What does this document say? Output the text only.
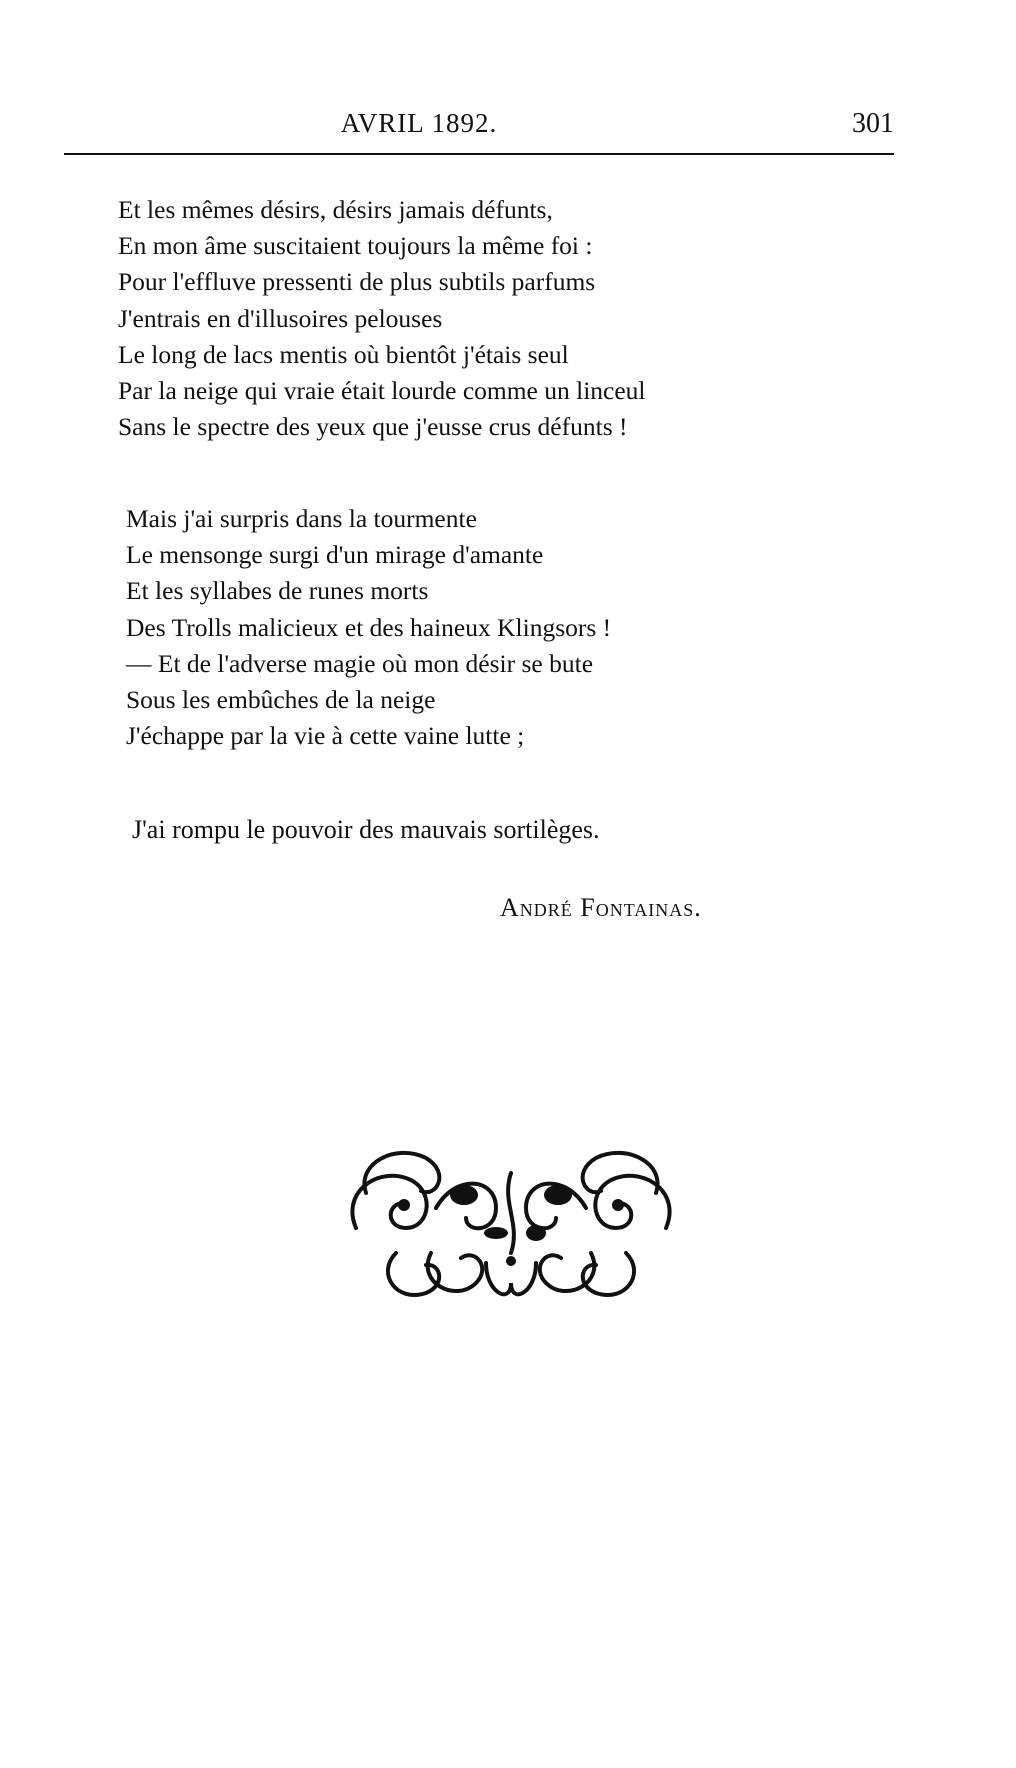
AVRIL 1892.	301
Et les mêmes désirs, désirs jamais défunts,
En mon âme suscitaient toujours la même foi :
Pour l'effluve pressenti de plus subtils parfums
J'entrais en d'illusoires pelouses
Le long de lacs mentis où bientôt j'étais seul
Par la neige qui vraie était lourde comme un linceul
Sans le spectre des yeux que j'eusse crus défunts !
Mais j'ai surpris dans la tourmente
Le mensonge surgi d'un mirage d'amante
Et les syllabes de runes morts
Des Trolls malicieux et des haineux Klingsors !
— Et de l'adverse magie où mon désir se bute
Sous les embûches de la neige
J'échappe par la vie à cette vaine lutte ;
J'ai rompu le pouvoir des mauvais sortilèges.
André Fontainas.
